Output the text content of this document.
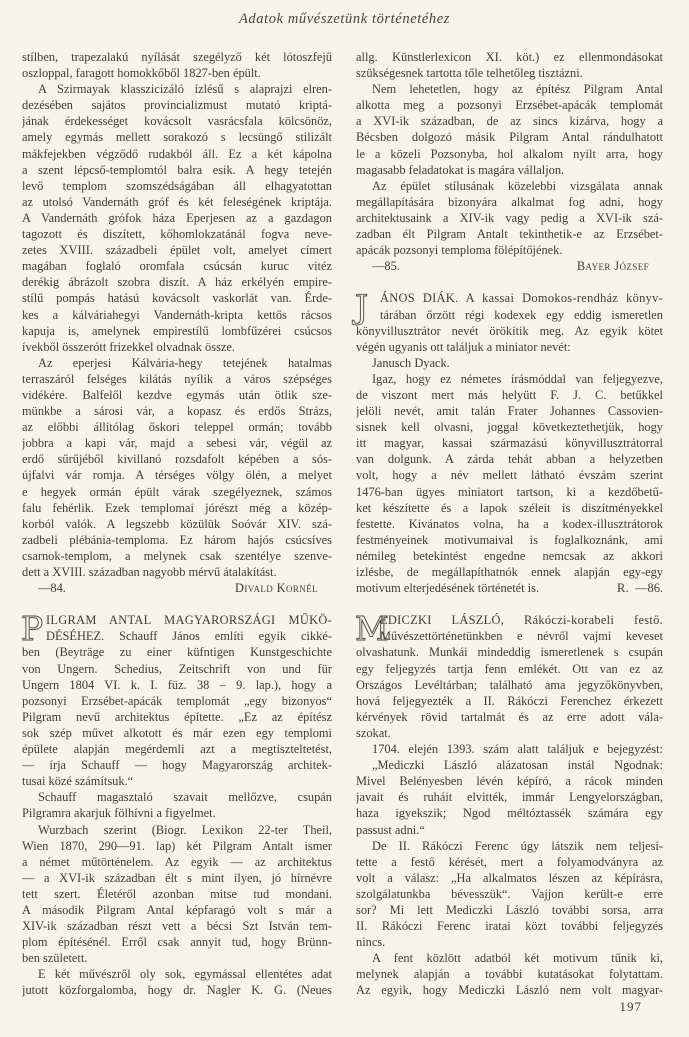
Adatok művészetünk történetéhez
stílben, trapezalakú nyílását szegélyző két lótoszfejű
oszloppal, faragott homokkőből 1827-ben épült.
A Szirmayak klasszicizáló ízlésű s alaprajzi elren-
dezésében sajátos provincializmust mutató kriptá-
jának érdekességet kovácsolt vasrácsfala kölcsönöz,
amely egymás mellett sorakozó s lecsüngő stilizált
mákfejekben végződő rudakból áll. Ez a két kápolna
a szent lépcső-templomtól balra esik. A hegy tetején
levő templom szomszédságában áll elhagyatottan
az utolsó Vandernáth gróf és két feleségének kriptája.
A Vandernáth grófok háza Eperjesen az a gazdagon
tagozott és diszített, kőhomlokzatánál fogva neve-
zetes XVIII. századbeli épület volt, amelyet címert
magában foglaló oromfala csúcsán kuruc vitéz
derékig ábrázolt szobra diszít. A ház erkélyén empire-
stílű pompás hatású kovácsolt vaskorlát van. Érde-
kes a kálváriahegyi Vandernáth-kripta kettős rácsos
kapuja is, amelynek empirestílű lombfűzérei csúcsos
ívekből összerótt frizekkel olvadnak össze.
Az eperjesi Kálvária-hegy tetejének hatalmas
terraszáról felséges kilátás nyílik a város szépséges
vidékére. Balfelől kezdve egymás után ötlik sze-
münkbe a sárosi vár, a kopasz és erdős Strázs,
az előbbi állítólag őskori teleppel ormán; tovább
jobbra a kapi vár, majd a sebesi vár, végül az
erdő sűrűjéből kivillanó rozsdafolt képében a sós-
újfalvi vár romja. A térséges völgy ölén, a melyet
e hegyek ormán épült várak szegélyeznek, számos
falu fehérlik. Ezek templomai jórészt még a közép-
korból valók. A legszebb közülük Soóvár XIV. szá-
zadbeli plébánia-temploma. Ez három hajós csúcsíves
csarnok-templom, a melynek csak szentélye szenve-
dett a XVIII. században nagyobb mérvű átalakítást.
—84.	Divald Kornél
P ILGRAM ANTAL MAGYARORSZÁGI MŰKÖ-
DÉSÉHEZ. Schauff János említi egyik cikké-
ben (Beyträge zu einer küfntigen Kunstgeschichte
von Ungern. Schedius, Zeitschrift von und für
Ungern 1804 VI. k. I. füz. 38 – 9. lap.), hogy a
pozsonyi Erzsébet-apácák templomát „egy bizonyos“
Pilgram nevű architektus építette. „Ez az építész
sok szép művet alkotott és már ezen egy templomi
épülete alapján megérdemli azt a megtiszteltetést,
— írja Schauff — hogy Magyarország architek-
tusai közé számítsuk.“
Schauff magasztaló szavait mellőzve, csupán
Pilgramra akarjuk fölhívni a figyelmet.
Wurzbach szerint (Biogr. Lexikon 22-ter Theil,
Wien 1870, 290—91. lap) két Pilgram Antalt ismer
a német műtörténelem. Az egyik — az architektus
— a XVI-ik században élt s mint ilyen, jó hírnévre
tett szert. Életéről azonban mitse tud mondani.
A második Pilgram Antal képfaragó volt s már a
XIV-ik században részt vett a bécsi Szt István tem-
plom építésénél. Erről csak annyit tud, hogy Brünn-
ben született.
E két művészről oly sok, egymással ellentétes adat
jutott közforgalomba, hogy dr. Nagler K. G. (Neues
allg. Künstlerlexicon XI. köt.) ez ellenmondásokat
szükségesnek tartotta tőle telhetőleg tisztázni.
Nem lehetetlen, hogy az építész Pilgram Antal
alkotta meg a pozsonyi Erzsébet-apácák templomát
a XVI-ik században, de az sincs kizárva, hogy a
Bécsben dolgozó másik Pilgram Antal rándulhatott
le a közeli Pozsonyba, hol alkalom nyilt arra, hogy
magasabb feladatokat is magára vállaljon.
Az épület stílusának közelebbi vizsgálata annak
megállapítására bizonyára alkalmat fog adni, hogy
architektusaink a XIV-ik vagy pedig a XVI-ik szá-
zadban élt Pilgram Antalt tekinthetik-e az Erzsébet-
apácák pozsonyi temploma fölépítőjének.
—85.	Bayer József
J ÁNOS DIÁK. A kassai Domokos-rendház könyv-
tárában őrzött régi kodexek egy eddig ismeretlen
könyvillusztrátor nevét örökítik meg. Az egyik kötet
végén ugyanis ott találjuk a miniator nevét:
Janusch Dyack.
Igaz, hogy ez németes írásmóddal van feljegyezve,
de viszont mert más helyütt F. J. C. betűkkel
jelöli nevét, amit talán Frater Johannes Cassovien-
sisnek kell olvasni, joggal következtethetjük, hogy
itt magyar, kassai származású könyvillusztrátorral
van dolgunk. A zárda tehát abban a helyzetben
volt, hogy a név mellett látható évszám szerint
1476-ban ügyes miniatort tartson, ki a kezdőbetű-
ket készítette és a lapok széleit is diszítményekkel
festette. Kivánatos volna, ha a kodex-illusztrátorok
festményeinek motivumaival is foglalkoznánk, ami
némileg betekintést engedne nemcsak az akkori
izlésbe, de megállapíthatnók ennek alapján egy-egy
R. —86.
motivum elterjedésének történetét is.
M
EDICZKI LÁSZLÓ, Rákóczi-korabeli festő.
Művészettörténetünkben e névről vajmi keveset
olvashatunk. Munkái mindeddig ismeretlenek s csupán
egy feljegyzés tartja fenn emlékét. Ott van ez az
Országos Levéltárban; található ama jegyzőkönyvben,
hová feljegyezték a II. Rákóczi Ferenchez érkezett
kérvények rövid tartalmát és az erre adott vála-
szokat.
1704. elején 1393. szám alatt találjuk e bejegyzést:
„Mediczki László alázatosan instál Ngodnak:
Mivel Belényesben lévén képíró, a rácok minden
javait és ruháit elvitték, immár Lengyelországban,
haza igyekszik; Ngod méltóztassék számára egy
passust adni.“
De II. Rákóczi Ferenc úgy látszik nem teljesí-
tette a festő kérését, mert a folyamodványra az
volt a válasz: „Ha alkalmatos lészen az képírásra,
szolgálatunkba bévesszük“. Vajjon került-e erre
sor? Mi lett Mediczki László további sorsa, arra
II. Rákóczi Ferenc iratai közt további feljegyzés
nincs.
A fent közlött adatból két motivum tűnik ki,
melynek alapján a további kutatásokat folytattam.
Az egyik, hogy Mediczki László nem volt magyar-
197
